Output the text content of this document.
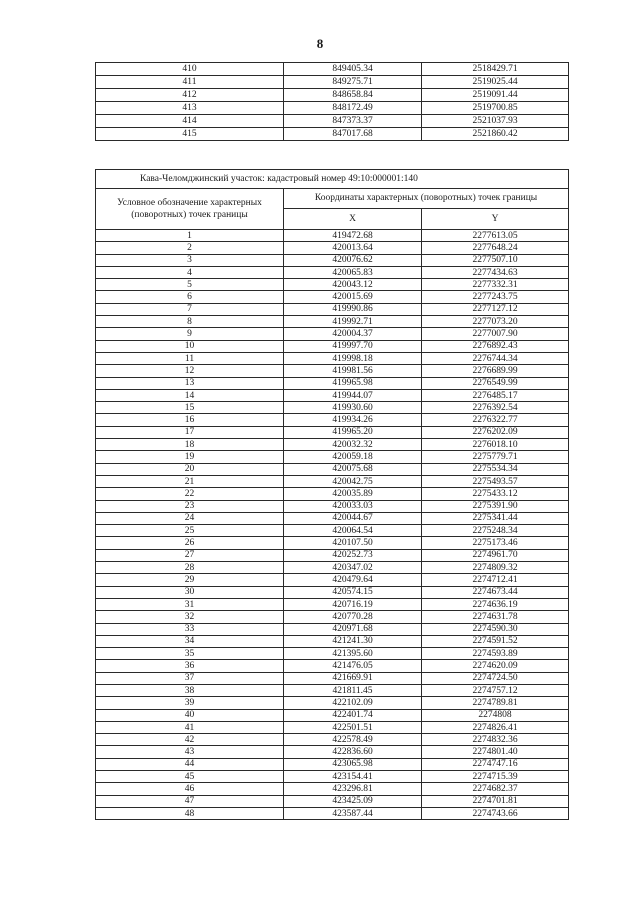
8
410	849405.34	2518429.71
411	849275.71	2519025.44
412	848658.84	2519091.44
413	848172.49	2519700.85
414	847373.37	2521037.93
415	847017.68	2521860.42
Кава-Челомджинский участок: кадастровый номер 49:10:000001:140		
Условное обозначение характерных (поворотных) точек границы	Координаты характерных (поворотных) точек границы	
	X	Y
1	419472.68	2277613.05
2	420013.64	2277648.24
3	420076.62	2277507.10
4	420065.83	2277434.63
5	420043.12	2277332.31
6	420015.69	2277243.75
7	419990.86	2277127.12
8	419992.71	2277073.20
9	420004.37	2277007.90
10	419997.70	2276892.43
11	419998.18	2276744.34
12	419981.56	2276689.99
13	419965.98	2276549.99
14	419944.07	2276485.17
15	419930.60	2276392.54
16	419934.26	2276322.77
17	419965.20	2276202.09
18	420032.32	2276018.10
19	420059.18	2275779.71
20	420075.68	2275534.34
21	420042.75	2275493.57
22	420035.89	2275433.12
23	420033.03	2275391.90
24	420044.67	2275341.44
25	420064.54	2275248.34
26	420107.50	2275173.46
27	420252.73	2274961.70
28	420347.02	2274809.32
29	420479.64	2274712.41
30	420574.15	2274673.44
31	420716.19	2274636.19
32	420770.28	2274631.78
33	420971.68	2274590.30
34	421241.30	2274591.52
35	421395.60	2274593.89
36	421476.05	2274620.09
37	421669.91	2274724.50
38	421811.45	2274757.12
39	422102.09	2274789.81
40	422401.74	2274808
41	422501.51	2274826.41
42	422578.49	2274832.36
43	422836.60	2274801.40
44	423065.98	2274747.16
45	423154.41	2274715.39
46	423296.81	2274682.37
47	423425.09	2274701.81
48	423587.44	2274743.66
